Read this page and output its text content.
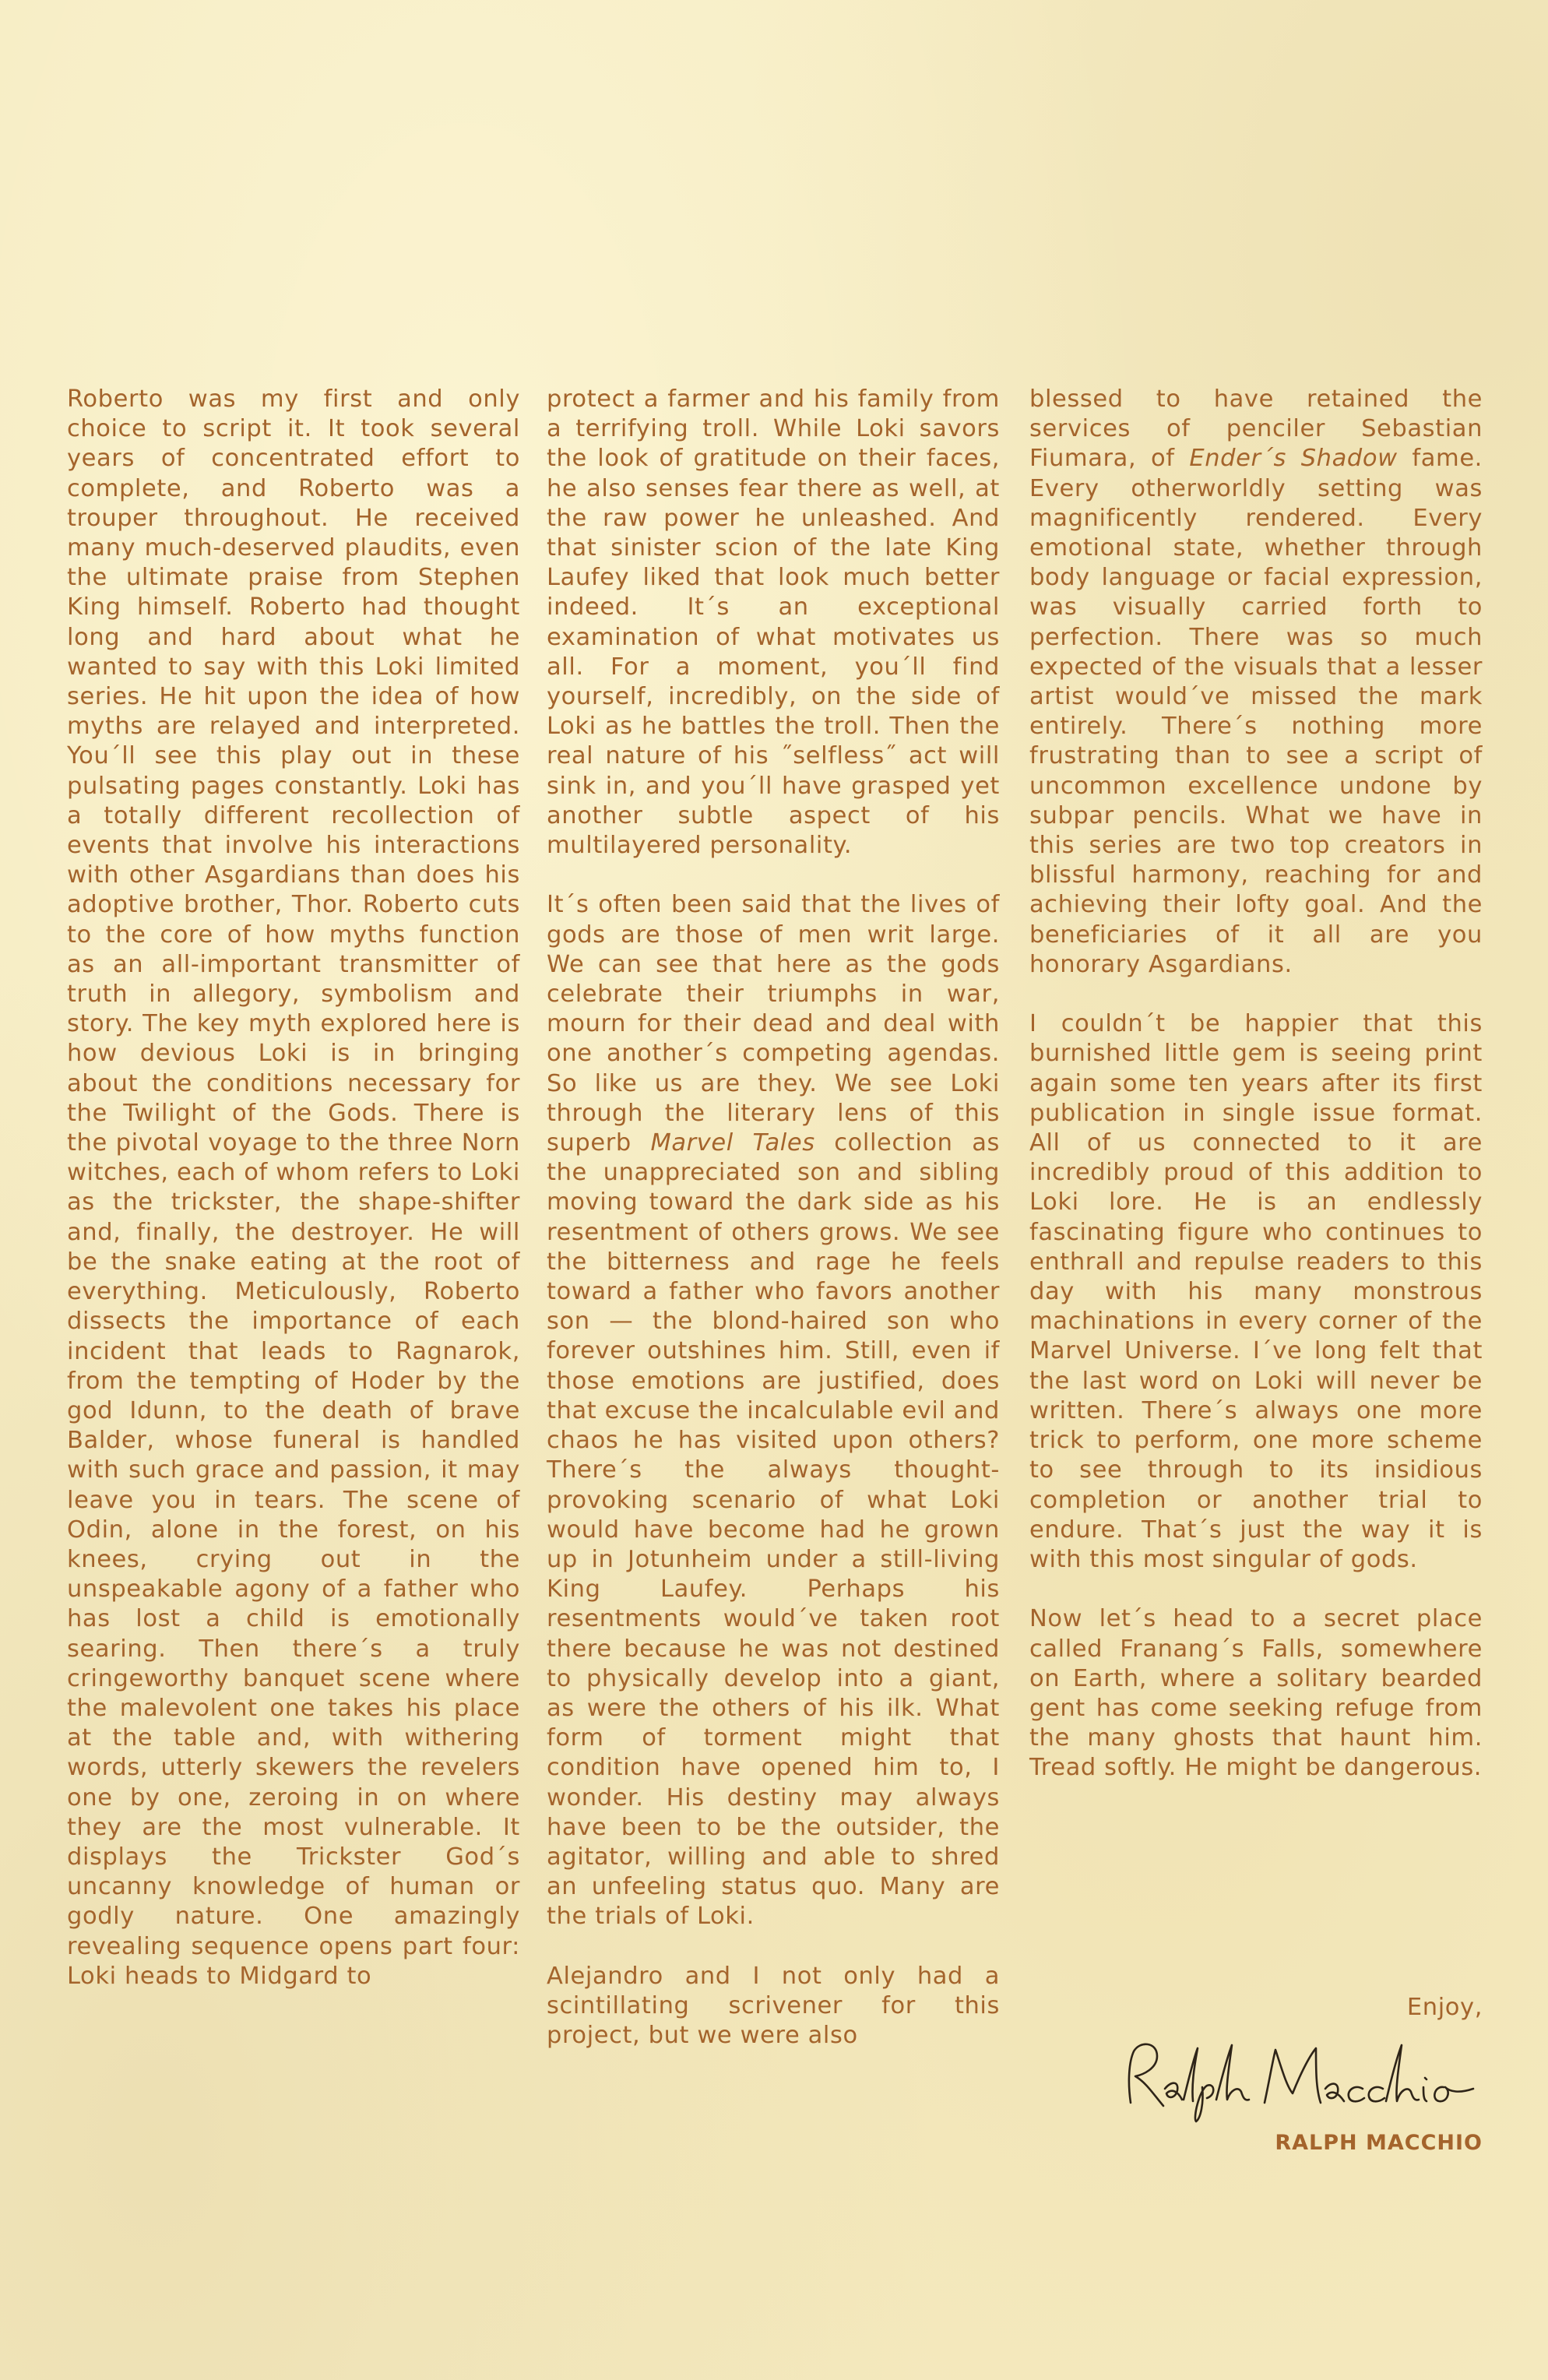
Roberto was my first and only choice to script it. It took several years of concentrated effort to complete, and Roberto was a trouper throughout. He received many much-deserved plaudits, even the ultimate praise from Stephen King himself. Roberto had thought long and hard about what he wanted to say with this Loki limited series. He hit upon the idea of how myths are relayed and interpreted. You´ll see this play out in these pulsating pages constantly. Loki has a totally different recollection of events that involve his interactions with other Asgardians than does his adoptive brother, Thor. Roberto cuts to the core of how myths function as an all-important transmitter of truth in allegory, symbolism and story. The key myth explored here is how devious Loki is in bringing about the conditions necessary for the Twilight of the Gods. There is the pivotal voyage to the three Norn witches, each of whom refers to Loki as the trickster, the shape-shifter and, finally, the destroyer. He will be the snake eating at the root of everything. Meticulously, Roberto dissects the importance of each incident that leads to Ragnarok, from the tempting of Hoder by the god Idunn, to the death of brave Balder, whose funeral is handled with such grace and passion, it may leave you in tears. The scene of Odin, alone in the forest, on his knees, crying out in the unspeakable agony of a father who has lost a child is emotionally searing. Then there´s a truly cringeworthy banquet scene where the malevolent one takes his place at the table and, with withering words, utterly skewers the revelers one by one, zeroing in on where they are the most vulnerable. It displays the Trickster God´s uncanny knowledge of human or godly nature. One amazingly revealing sequence opens part four: Loki heads to Midgard to

protect a farmer and his family from a terrifying troll. While Loki savors the look of gratitude on their faces, he also senses fear there as well, at the raw power he unleashed. And that sinister scion of the late King Laufey liked that look much better indeed. It´s an exceptional examination of what motivates us all. For a moment, you´ll find yourself, incredibly, on the side of Loki as he battles the troll. Then the real nature of his ˝selfless˝ act will sink in, and you´ll have grasped yet another subtle aspect of his multilayered personality.

It´s often been said that the lives of gods are those of men writ large. We can see that here as the gods celebrate their triumphs in war, mourn for their dead and deal with one another´s competing agendas. So like us are they. We see Loki through the literary lens of this superb Marvel Tales collection as the unappreciated son and sibling moving toward the dark side as his resentment of others grows. We see the bitterness and rage he feels toward a father who favors another son — the blond-haired son who forever outshines him. Still, even if those emotions are justified, does that excuse the incalculable evil and chaos he has visited upon others? There´s the always thought-provoking scenario of what Loki would have become had he grown up in Jotunheim under a still-living King Laufey. Perhaps his resentments would´ve taken root there because he was not destined to physically develop into a giant, as were the others of his ilk. What form of torment might that condition have opened him to, I wonder. His destiny may always have been to be the outsider, the agitator, willing and able to shred an unfeeling status quo. Many are the trials of Loki.

Alejandro and I not only had a scintillating scrivener for this project, but we were also

blessed to have retained the services of penciler Sebastian Fiumara, of Ender´s Shadow fame. Every otherworldly setting was magnificently rendered. Every emotional state, whether through body language or facial expression, was visually carried forth to perfection. There was so much expected of the visuals that a lesser artist would´ve missed the mark entirely. There´s nothing more frustrating than to see a script of uncommon excellence undone by subpar pencils. What we have in this series are two top creators in blissful harmony, reaching for and achieving their lofty goal. And the beneficiaries of it all are you honorary Asgardians.

I couldn´t be happier that this burnished little gem is seeing print again some ten years after its first publication in single issue format. All of us connected to it are incredibly proud of this addition to Loki lore. He is an endlessly fascinating figure who continues to enthrall and repulse readers to this day with his many monstrous machinations in every corner of the Marvel Universe. I´ve long felt that the last word on Loki will never be written. There´s always one more trick to perform, one more scheme to see through to its insidious completion or another trial to endure. That´s just the way it is with this most singular of gods.

Now let´s head to a secret place called Franang´s Falls, somewhere on Earth, where a solitary bearded gent has come seeking refuge from the many ghosts that haunt him. Tread softly. He might be dangerous.

Enjoy,
RALPH MACCHIO
